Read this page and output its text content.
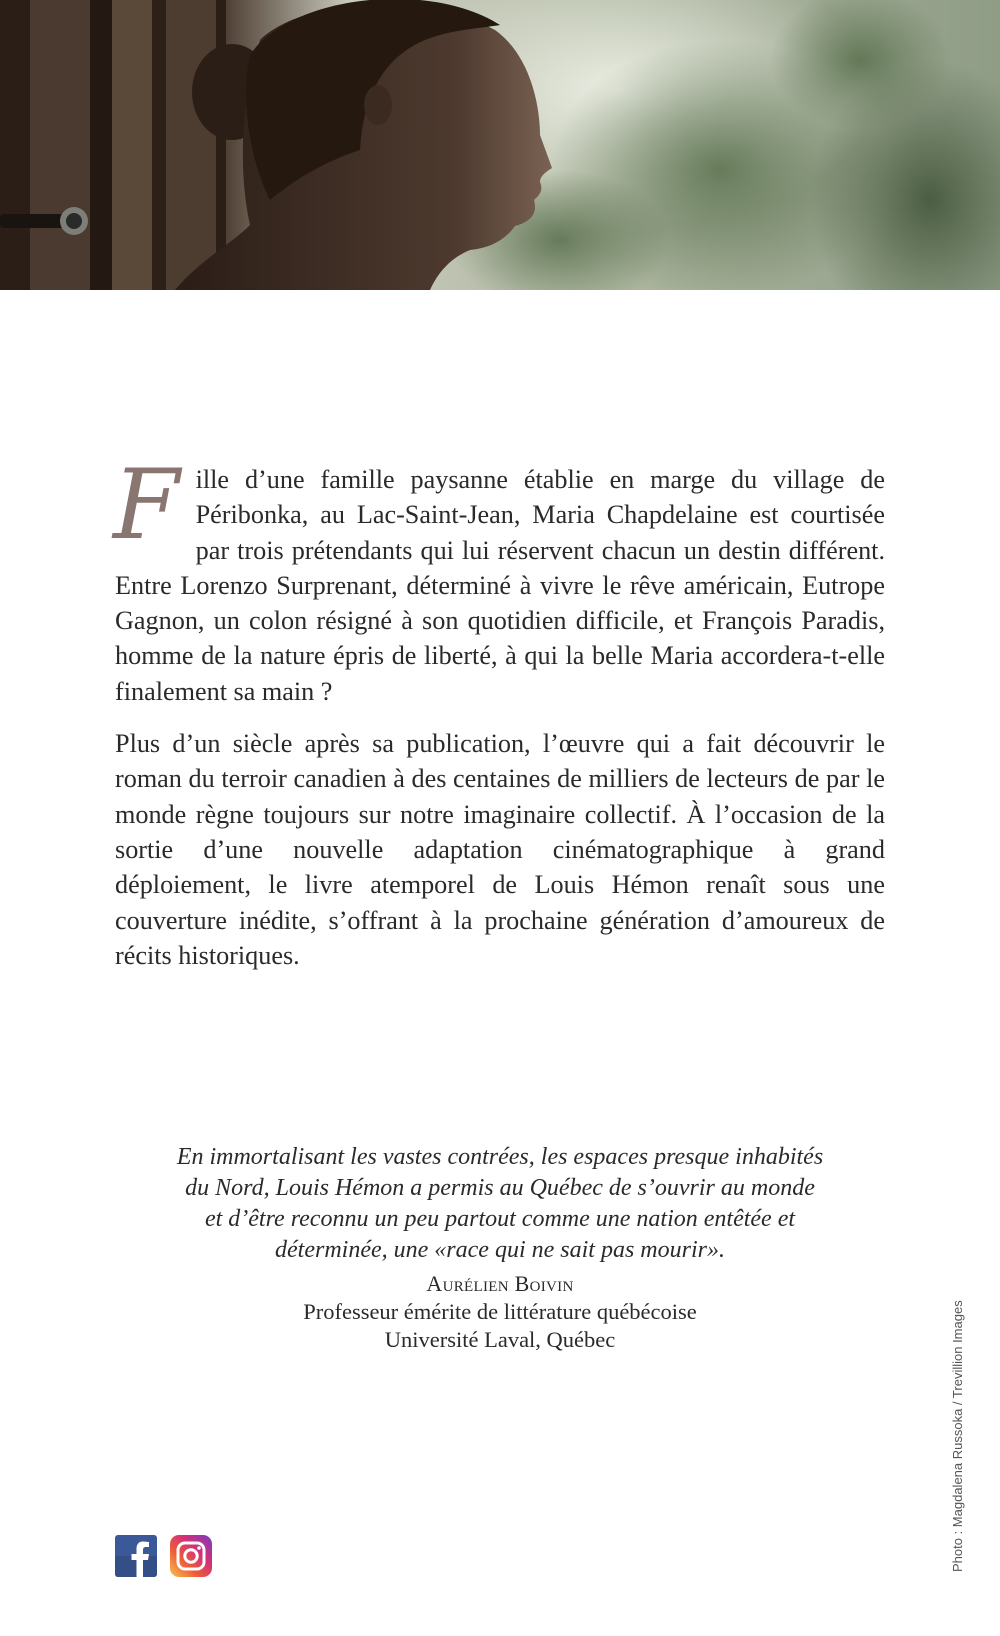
Fille d’une famille paysanne établie en marge du village de Péribonka, au Lac-Saint-Jean, Maria Chapdelaine est courtisée par trois prétendants qui lui réservent chacun un destin différent. Entre Lorenzo Surprenant, déterminé à vivre le rêve américain, Eutrope Gagnon, un colon résigné à son quotidien difficile, et François Paradis, homme de la nature épris de liberté, à qui la belle Maria accordera-t-elle finalement sa main ?

Plus d’un siècle après sa publication, l’œuvre qui a fait découvrir le roman du terroir canadien à des centaines de milliers de lecteurs de par le monde règne toujours sur notre imaginaire collectif. À l’occasion de la sortie d’une nouvelle adaptation cinématographique à grand déploiement, le livre atemporel de Louis Hémon renaît sous une couverture inédite, s’offrant à la prochaine génération d’amoureux de récits historiques.

En immortalisant les vastes contrées, les espaces presque inhabités
du Nord, Louis Hémon a permis au Québec de s’ouvrir au monde
et d’être reconnu un peu partout comme une nation entêtée et
déterminée, une «race qui ne sait pas mourir».

Aurélien Boivin
Professeur émérite de littérature québécoise
Université Laval, Québec	Photo : Magdalena Russoka / Trevillion Images
